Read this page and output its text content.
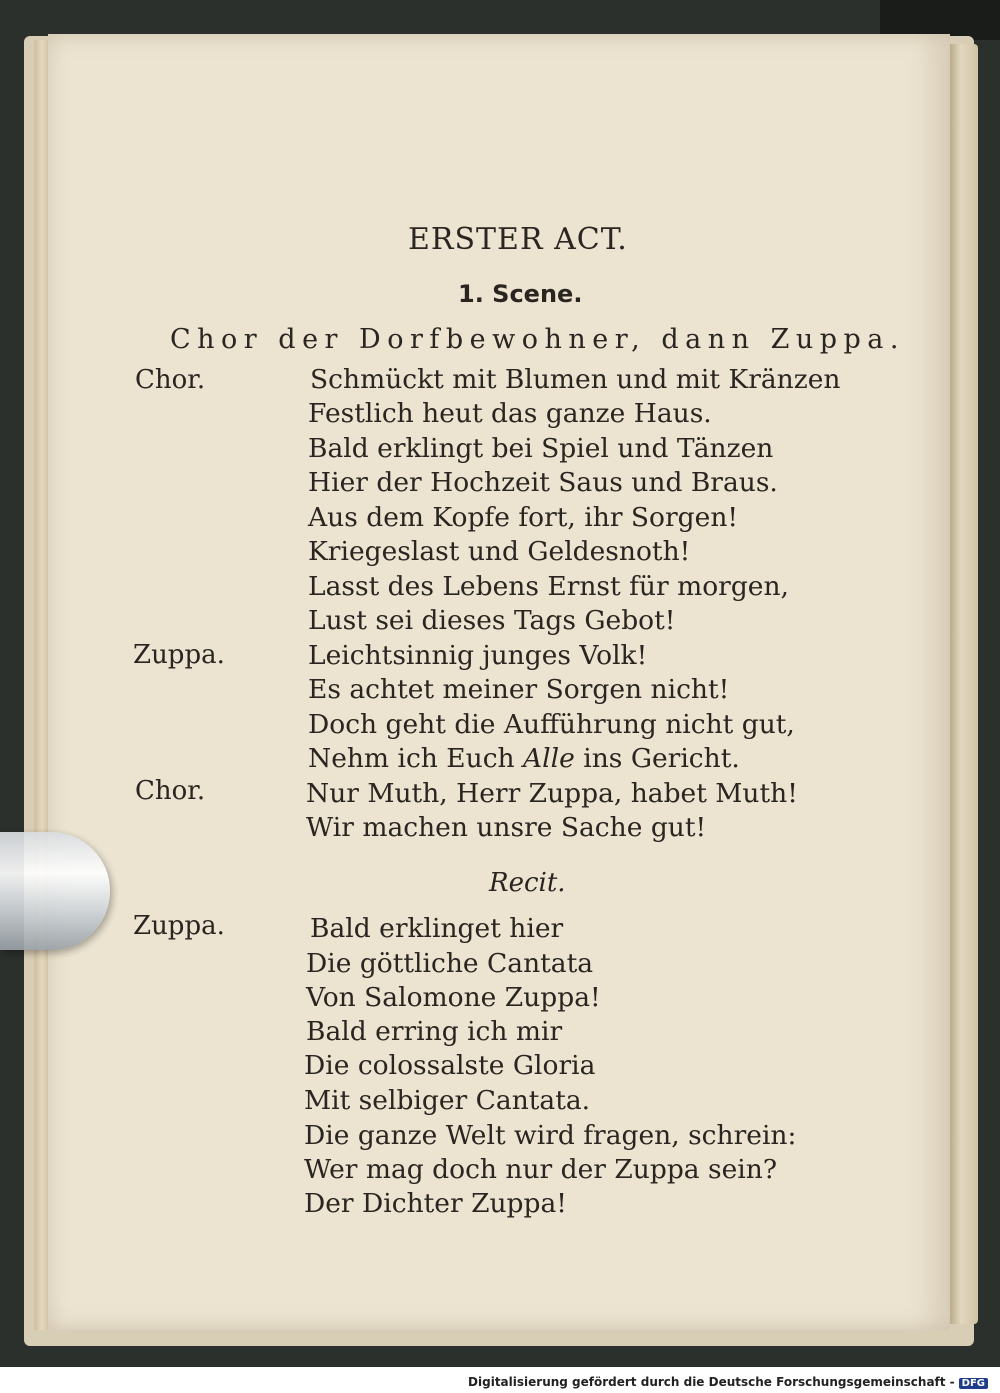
ERSTER ACT.
1. Scene.
Chor der Dorfbewohner, dann Zuppa.
Chor.	Schmückt mit Blumen und mit Kränzen
Festlich heut das ganze Haus.
Bald erklingt bei Spiel und Tänzen
Hier der Hochzeit Saus und Braus.
Aus dem Kopfe fort, ihr Sorgen!
Kriegeslast und Geldesnoth!
Lasst des Lebens Ernst für morgen,
Lust sei dieses Tags Gebot!
Zuppa.	Leichtsinnig junges Volk!
Es achtet meiner Sorgen nicht!
Doch geht die Aufführung nicht gut,
Nehm ich Euch Alle ins Gericht.
Chor.	Nur Muth, Herr Zuppa, habet Muth!
Wir machen unsre Sache gut!
Recit.
Zuppa.	Bald erklinget hier
Die göttliche Cantata
Von Salomone Zuppa!
Bald erring ich mir
Die colossalste Gloria
Mit selbiger Cantata.
Die ganze Welt wird fragen, schrein:
Wer mag doch nur der Zuppa sein?
Der Dichter Zuppa!
Digitalisierung gefördert durch die Deutsche Forschungsgemeinschaft - DFG
